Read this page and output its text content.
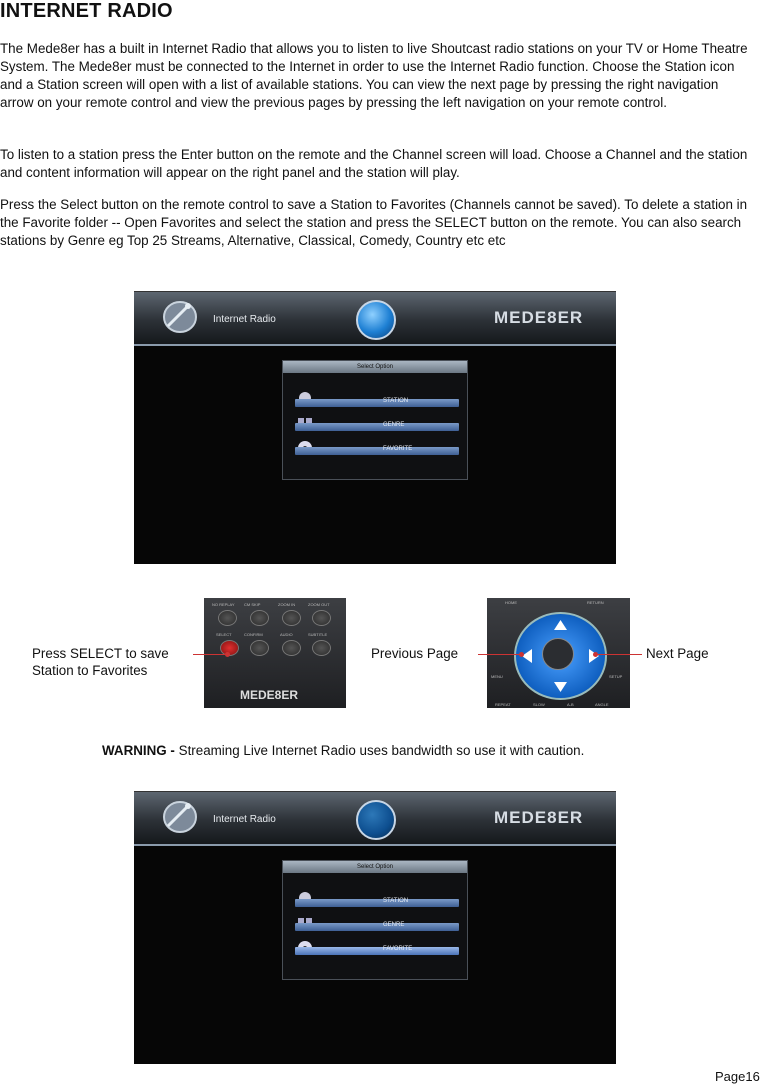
INTERNET RADIO

The Mede8er has a built in Internet Radio that allows you to listen to live Shoutcast radio stations on your TV or Home Theatre System. The Mede8er must be connected to the Internet in order to use the Internet Radio function. Choose the Station icon and a Station screen will open with a list of available stations. You can view the next page by pressing the right navigation arrow on your remote control and view the previous pages by pressing the left navigation on your remote control.

To listen to a station press the Enter button on the remote and the Channel screen will load. Choose a Channel and the station and content information will appear on the right panel and the station will play.

Press the Select button on the remote control to save a Station to Favorites (Channels cannot be saved). To delete a station in the Favorite folder -- Open Favorites and select the station and press the SELECT button on the remote. You can also search stations by Genre eg Top 25 Streams, Alternative, Classical, Comedy, Country etc etc

Internet Radio	MEDE8ER
Select Option
STATION
GENRE
FAVORITE
NO REPLAY CM SKIP	ZOOM IN	ZOOM OUT
SELECT	CONFIRM	AUDIO	SUBTITLE
MEDE8ER
HOME	RETURN
MENU	SETUP
REPEAT	SLOW	A-B	ANGLE
Press SELECT to save
Station to Favorites
Previous Page	Next Page
WARNING - Streaming Live Internet Radio uses bandwidth so use it with caution.
Internet Radio	MEDE8ER
Select Option
STATION
GENRE
FAVORITE
Page16
